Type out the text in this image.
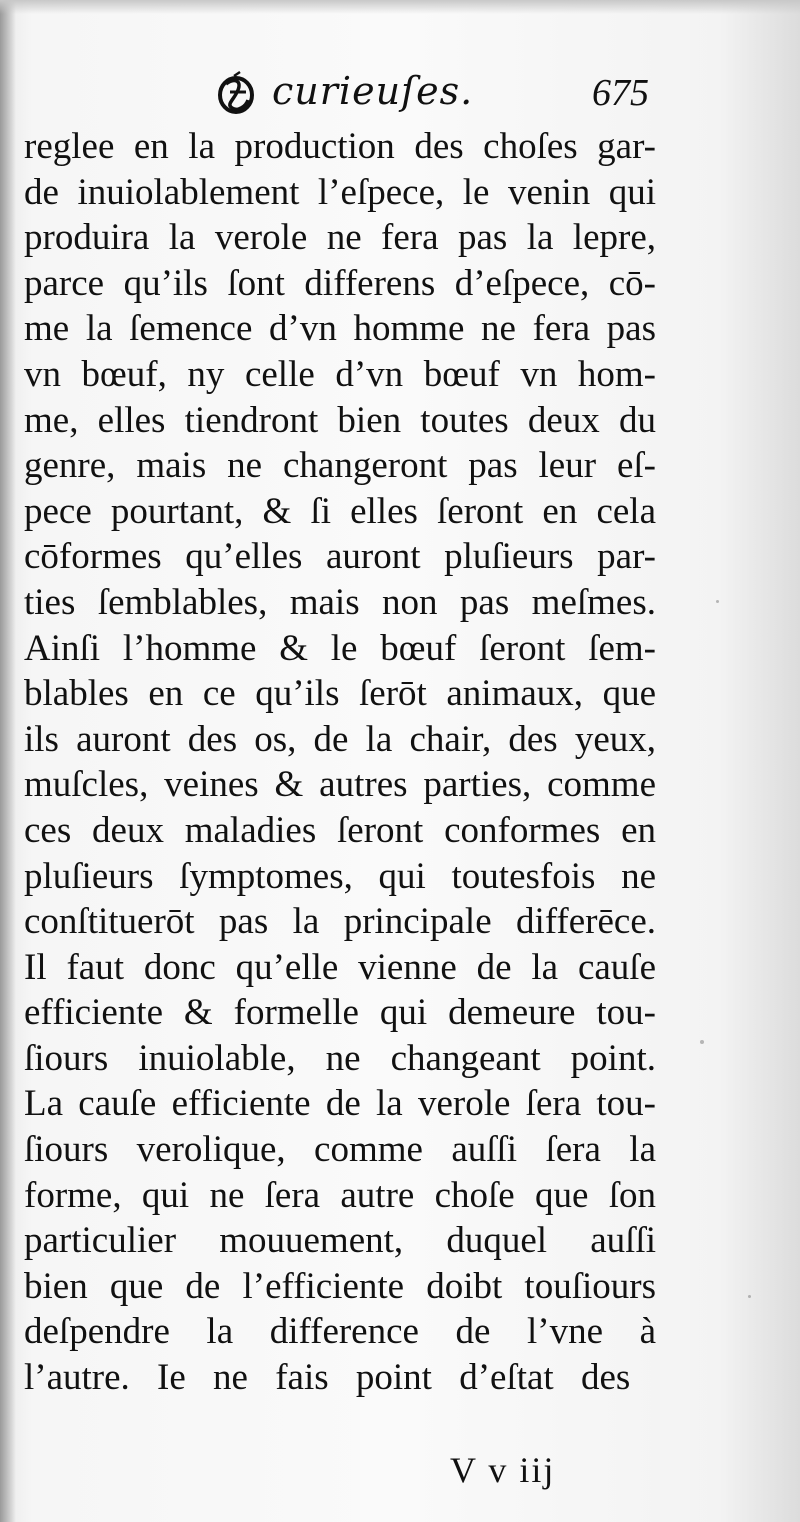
curieuſes.	675
reglee en la production des choſes gar-
de inuiolablement l’eſpece, le venin qui
produira la verole ne fera pas la lepre,
parce qu’ils ſont differens d’eſpece, cō-
me la ſemence d’vn homme ne fera pas
vn bœuf, ny celle d’vn bœuf vn hom-
me, elles tiendront bien toutes deux du
genre, mais ne changeront pas leur eſ-
pece pourtant, & ſi elles ſeront en cela
cōformes qu’elles auront pluſieurs par-
ties ſemblables, mais non pas meſmes.
Ainſi l’homme & le bœuf ſeront ſem-
blables en ce qu’ils ſerōt animaux, que
ils auront des os, de la chair, des yeux,
muſcles, veines & autres parties, comme
ces deux maladies ſeront conformes en
pluſieurs ſymptomes, qui toutesfois ne
conſtituerōt pas la principale differēce.
Il faut donc qu’elle vienne de la cauſe
efficiente & formelle qui demeure tou-
ſiours inuiolable, ne changeant point.
La cauſe efficiente de la verole ſera tou-
ſiours verolique, comme auſſi ſera la
forme, qui ne ſera autre choſe que ſon
particulier mouuement, duquel auſſi
bien que de l’efficiente doibt touſiours
deſpendre la difference de l’vne à
l’autre. Ie ne fais point d’eſtat des
V v iij
